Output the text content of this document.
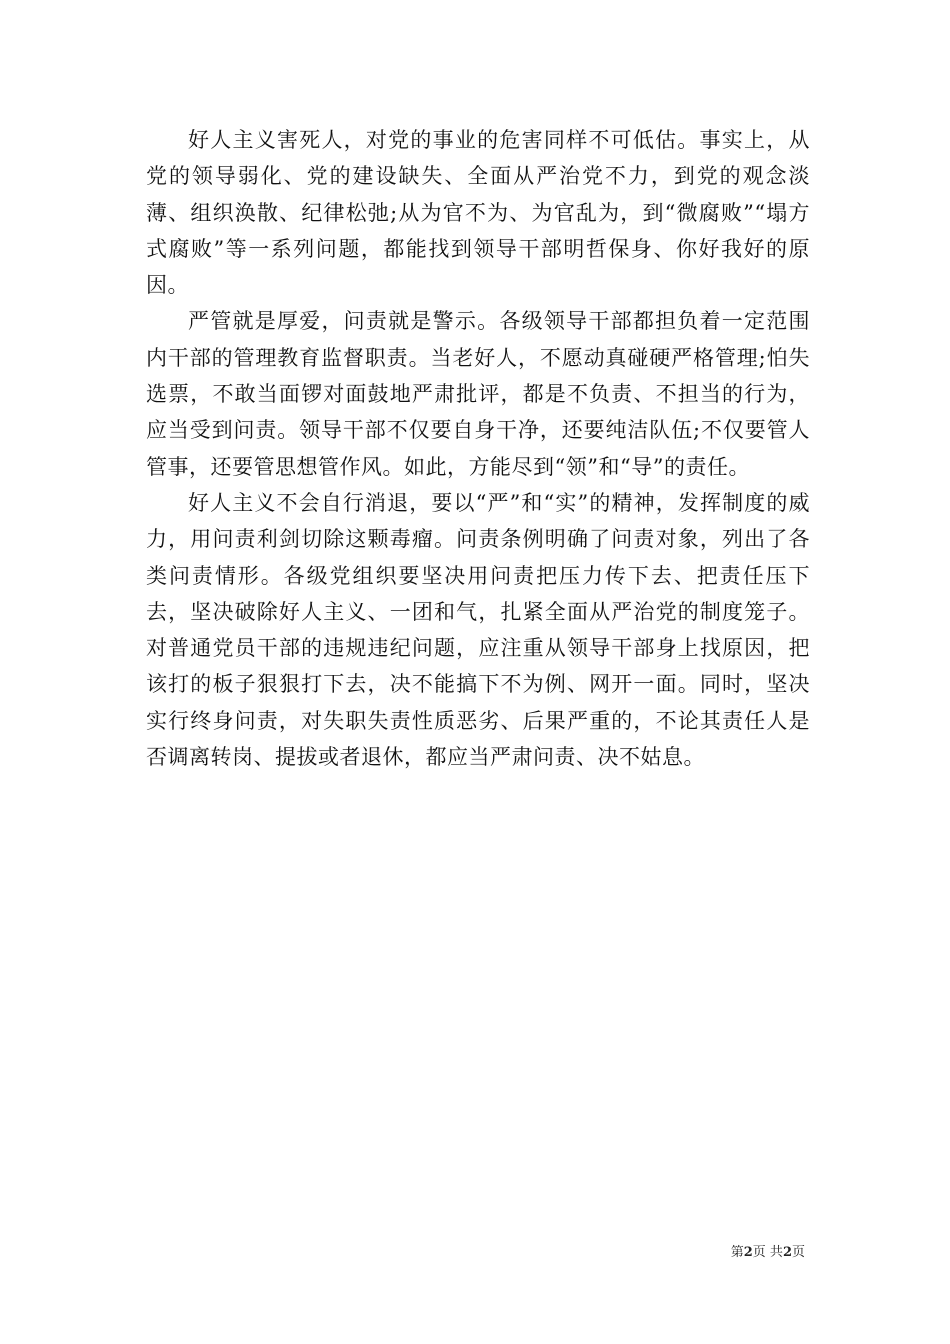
好人主义害死人，对党的事业的危害同样不可低估。事实上，从党的领导弱化、党的建设缺失、全面从严治党不力，到党的观念淡薄、组织涣散、纪律松弛;从为官不为、为官乱为，到“微腐败”“塌方式腐败”等一系列问题，都能找到领导干部明哲保身、你好我好的原因。

严管就是厚爱，问责就是警示。各级领导干部都担负着一定范围内干部的管理教育监督职责。当老好人，不愿动真碰硬严格管理;怕失选票，不敢当面锣对面鼓地严肃批评，都是不负责、不担当的行为，应当受到问责。领导干部不仅要自身干净，还要纯洁队伍;不仅要管人管事，还要管思想管作风。如此，方能尽到“领”和“导”的责任。

好人主义不会自行消退，要以“严”和“实”的精神，发挥制度的威力，用问责利剑切除这颗毒瘤。问责条例明确了问责对象，列出了各类问责情形。各级党组织要坚决用问责把压力传下去、把责任压下去，坚决破除好人主义、一团和气，扎紧全面从严治党的制度笼子。对普通党员干部的违规违纪问题，应注重从领导干部身上找原因，把该打的板子狠狠打下去，决不能搞下不为例、网开一面。同时，坚决实行终身问责，对失职失责性质恶劣、后果严重的，不论其责任人是否调离转岗、提拔或者退休，都应当严肃问责、决不姑息。

第2页 共2页
